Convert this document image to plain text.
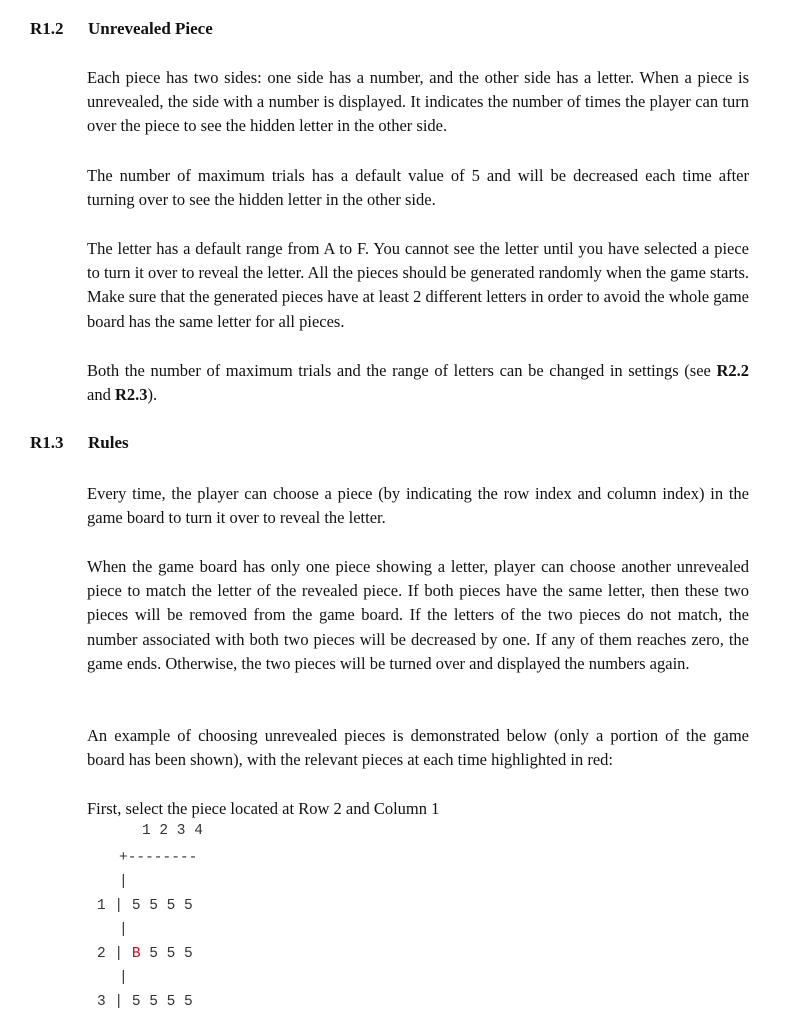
R1.2 Unrevealed Piece

Each piece has two sides: one side has a number, and the other side has a letter. When a piece is unrevealed, the side with a number is displayed. It indicates the number of times the player can turn over the piece to see the hidden letter in the other side.

The number of maximum trials has a default value of 5 and will be decreased each time after turning over to see the hidden letter in the other side.

The letter has a default range from A to F. You cannot see the letter until you have selected a piece to turn it over to reveal the letter. All the pieces should be generated randomly when the game starts. Make sure that the generated pieces have at least 2 different letters in order to avoid the whole game board has the same letter for all pieces.

Both the number of maximum trials and the range of letters can be changed in settings (see R2.2 and R2.3).

R1.3 Rules

Every time, the player can choose a piece (by indicating the row index and column index) in the game board to turn it over to reveal the letter.

When the game board has only one piece showing a letter, player can choose another unrevealed piece to match the letter of the revealed piece. If both pieces have the same letter, then these two pieces will be removed from the game board. If the letters of the two pieces do not match, the number associated with both two pieces will be decreased by one. If any of them reaches zero, the game ends. Otherwise, the two pieces will be turned over and displayed the numbers again.

An example of choosing unrevealed pieces is demonstrated below (only a portion of the game board has been shown), with the relevant pieces at each time highlighted in red:

First, select the piece located at Row 2 and Column 1

1 2 3 4
+--------
|
1 | 5 5 5 5
|
2 | B 5 5 5
|
3 | 5 5 5 5
